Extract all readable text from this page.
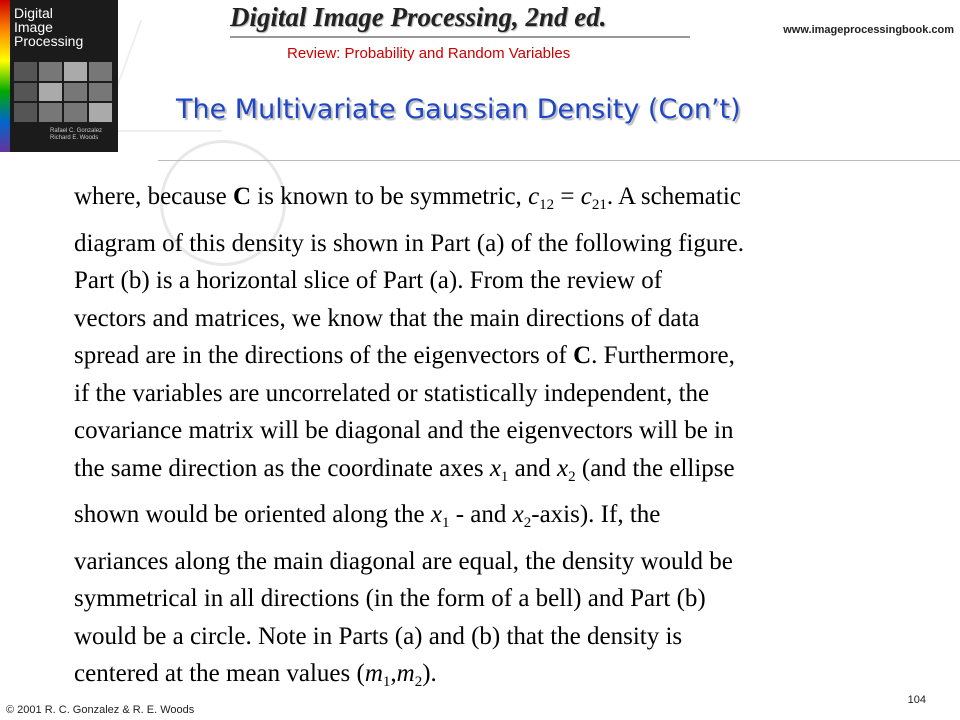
Digital
Image
Processing
Rafael C. Gonzalez
Richard E. Woods
Digital Image Processing, 2nd ed.
Review: Probability and Random Variables
www.imageprocessingbook.com
The Multivariate Gaussian Density (Con’t)

where, because C is known to be symmetric, $c_{12} = c_{21}$. A schematic

diagram of this density is shown in Part (a) of the following figure.

Part (b) is a horizontal slice of Part (a). From the review of

vectors and matrices, we know that the main directions of data

spread are in the directions of the eigenvectors of C. Furthermore,

if the variables are uncorrelated or statistically independent, the

covariance matrix will be diagonal and the eigenvectors will be in

the same direction as the coordinate axes $x_1$ and $x_2$ (and the ellipse

shown would be oriented along the $x_1$ - and $x_2-axis$). If, the

variances along the main diagonal are equal, the density would be

symmetrical in all directions (in the form of a bell) and Part (b)

would be a circle. Note in Parts (a) and (b) that the density is

centered at the mean values $(m_1,m_2)$.

© 2001 R. C. Gonzalez & R. E. Woods
104
